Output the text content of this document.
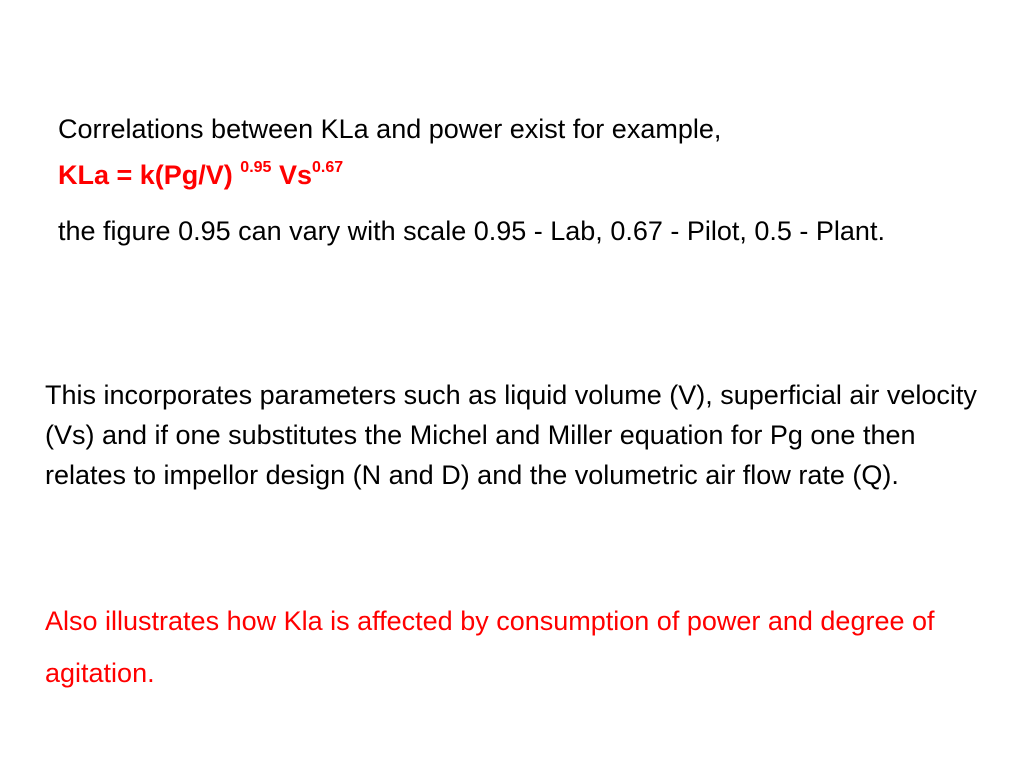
Correlations between KLa and power exist for example,

KLa = k(Pg/V) $^{0.95}$ $Vs^{0.67}$

the figure 0.95 can vary with scale 0.95 - Lab, 0.67 - Pilot, 0.5 - Plant.

This incorporates parameters such as liquid volume (V), superficial air velocity (Vs) and if one substitutes the Michel and Miller equation for Pg one then relates to impellor design (N and D) and the volumetric air flow rate (Q).

Also illustrates how Kla is affected by consumption of power and degree of agitation.
